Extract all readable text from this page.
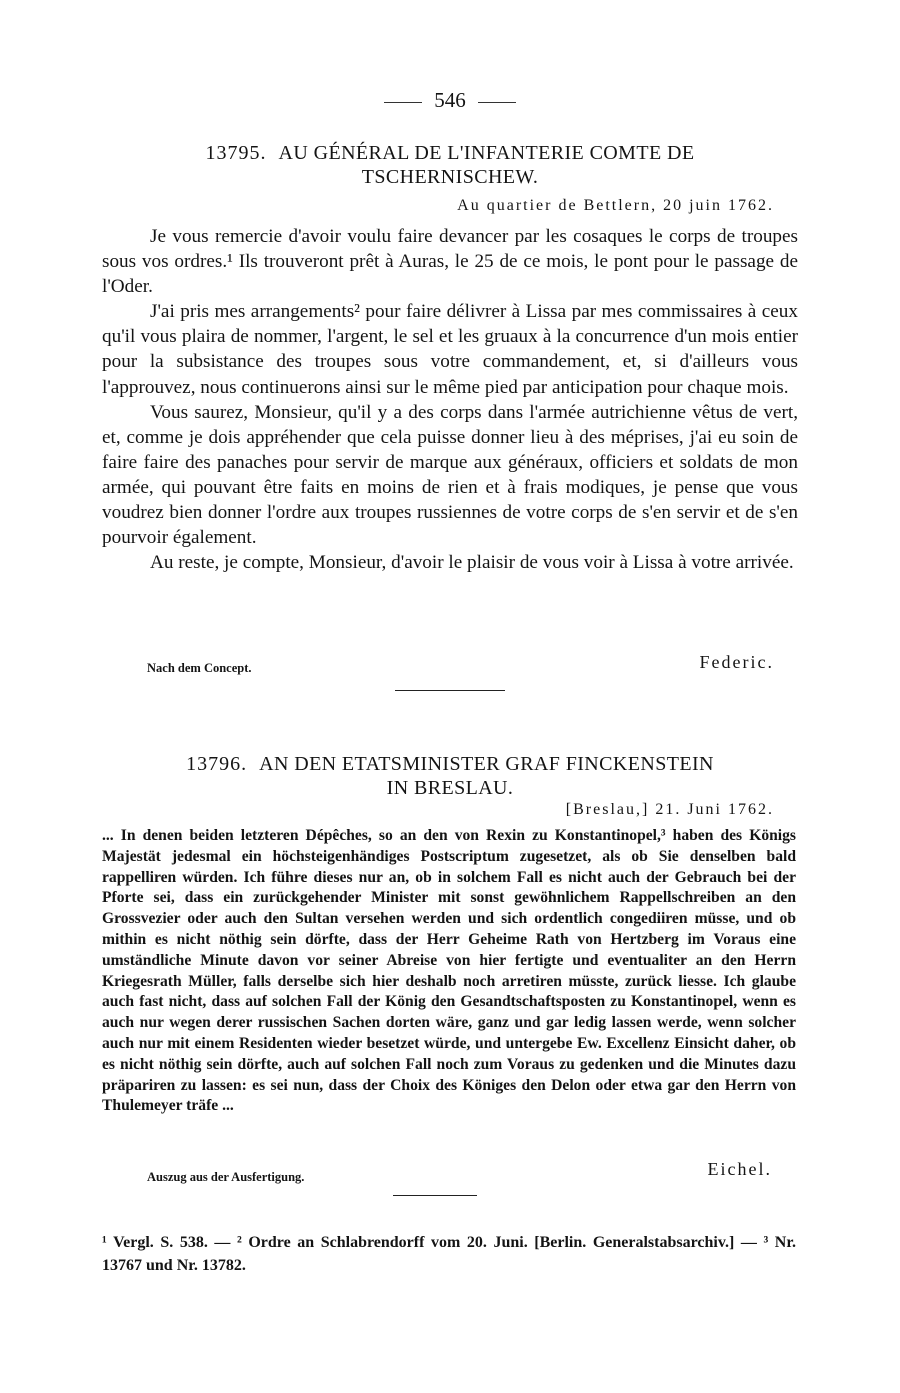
546
13795. AU GÉNÉRAL DE L'INFANTERIE COMTE DE
TSCHERNISCHEW.
Au quartier de Bettlern, 20 juin 1762.

Je vous remercie d'avoir voulu faire devancer par les cosaques le corps de troupes sous vos ordres.¹ Ils trouveront prêt à Auras, le 25 de ce mois, le pont pour le passage de l'Oder.

J'ai pris mes arrangements² pour faire délivrer à Lissa par mes commissaires à ceux qu'il vous plaira de nommer, l'argent, le sel et les gruaux à la concurrence d'un mois entier pour la subsistance des troupes sous votre commandement, et, si d'ailleurs vous l'approuvez, nous continuerons ainsi sur le même pied par anticipation pour chaque mois.

Vous saurez, Monsieur, qu'il y a des corps dans l'armée autrichienne vêtus de vert, et, comme je dois appréhender que cela puisse donner lieu à des méprises, j'ai eu soin de faire faire des panaches pour servir de marque aux généraux, officiers et soldats de mon armée, qui pouvant être faits en moins de rien et à frais modiques, je pense que vous voudrez bien donner l'ordre aux troupes russiennes de votre corps de s'en servir et de s'en pourvoir également.

Au reste, je compte, Monsieur, d'avoir le plaisir de vous voir à Lissa à votre arrivée.

Nach dem Concept.	Federic.
13796. AN DEN ETATSMINISTER GRAF FINCKENSTEIN
IN BRESLAU.
[Breslau,] 21. Juni 1762.

... In denen beiden letzteren Dépêches, so an den von Rexin zu Konstantinopel,³ haben des Königs Majestät jedesmal ein höchsteigenhändiges Postscriptum zugesetzet, als ob Sie denselben bald rappelliren würden. Ich führe dieses nur an, ob in solchem Fall es nicht auch der Gebrauch bei der Pforte sei, dass ein zurückgehender Minister mit sonst gewöhnlichem Rappellschreiben an den Grossvezier oder auch den Sultan versehen werden und sich ordentlich congediiren müsse, und ob mithin es nicht nöthig sein dörfte, dass der Herr Geheime Rath von Hertzberg im Voraus eine umständliche Minute davon vor seiner Abreise von hier fertigte und eventualiter an den Herrn Kriegesrath Müller, falls derselbe sich hier deshalb noch arretiren müsste, zurück liesse. Ich glaube auch fast nicht, dass auf solchen Fall der König den Gesandtschaftsposten zu Konstantinopel, wenn es auch nur wegen derer russischen Sachen dorten wäre, ganz und gar ledig lassen werde, wenn solcher auch nur mit einem Residenten wieder besetzet würde, und untergebe Ew. Excellenz Einsicht daher, ob es nicht nöthig sein dörfte, auch auf solchen Fall noch zum Voraus zu gedenken und die Minutes dazu präpariren zu lassen: es sei nun, dass der Choix des Königes den Delon oder etwa gar den Herrn von Thulemeyer träfe ...

Auszug aus der Ausfertigung.	Eichel.
¹ Vergl. S. 538. — ² Ordre an Schlabrendorff vom 20. Juni. [Berlin. Generalstabsarchiv.] — ³ Nr. 13767 und Nr. 13782.
